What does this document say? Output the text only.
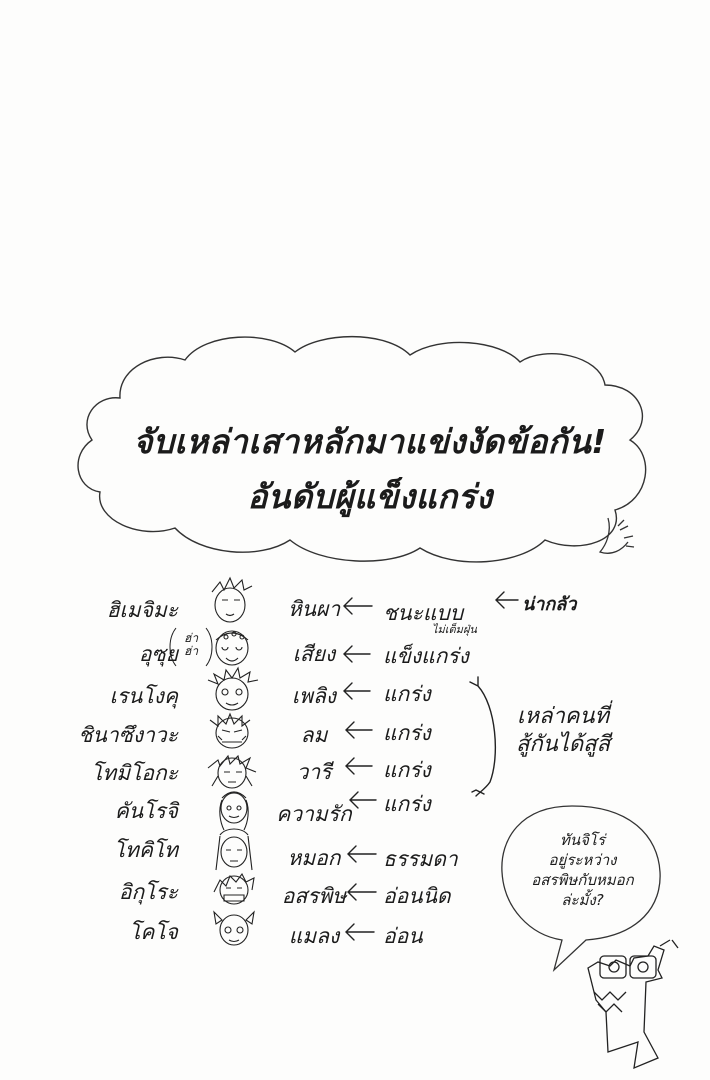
จับเหล่าเสาหลักมาแข่งงัดข้อกัน!
อันดับผู้แข็งแกร่ง
ฮิเมจิมะ	หินผา	ชนะแบบ
อุซุย	เสียง	แข็งแกร่ง
เรนโงคุ	เพลิง	แกร่ง
ชินาซึงาวะ	ลม	แกร่ง
โทมิโอกะ	วารี	แกร่ง
คันโรจิ	ความรัก	แกร่ง
โทคิโท	หมอก	ธรรมดา
อิกุโระ	อสรพิษ	อ่อนนิด
โคโจ	แมลง	อ่อน
น่ากลัว
ไม่เต็มฝุ่น
ฮ่า ฮ่า
เหล่าคนที่
สู้กันได้สูสี
ทันจิโร่
อยู่ระหว่าง
อสรพิษกับหมอก
ล่ะมั้ง?
